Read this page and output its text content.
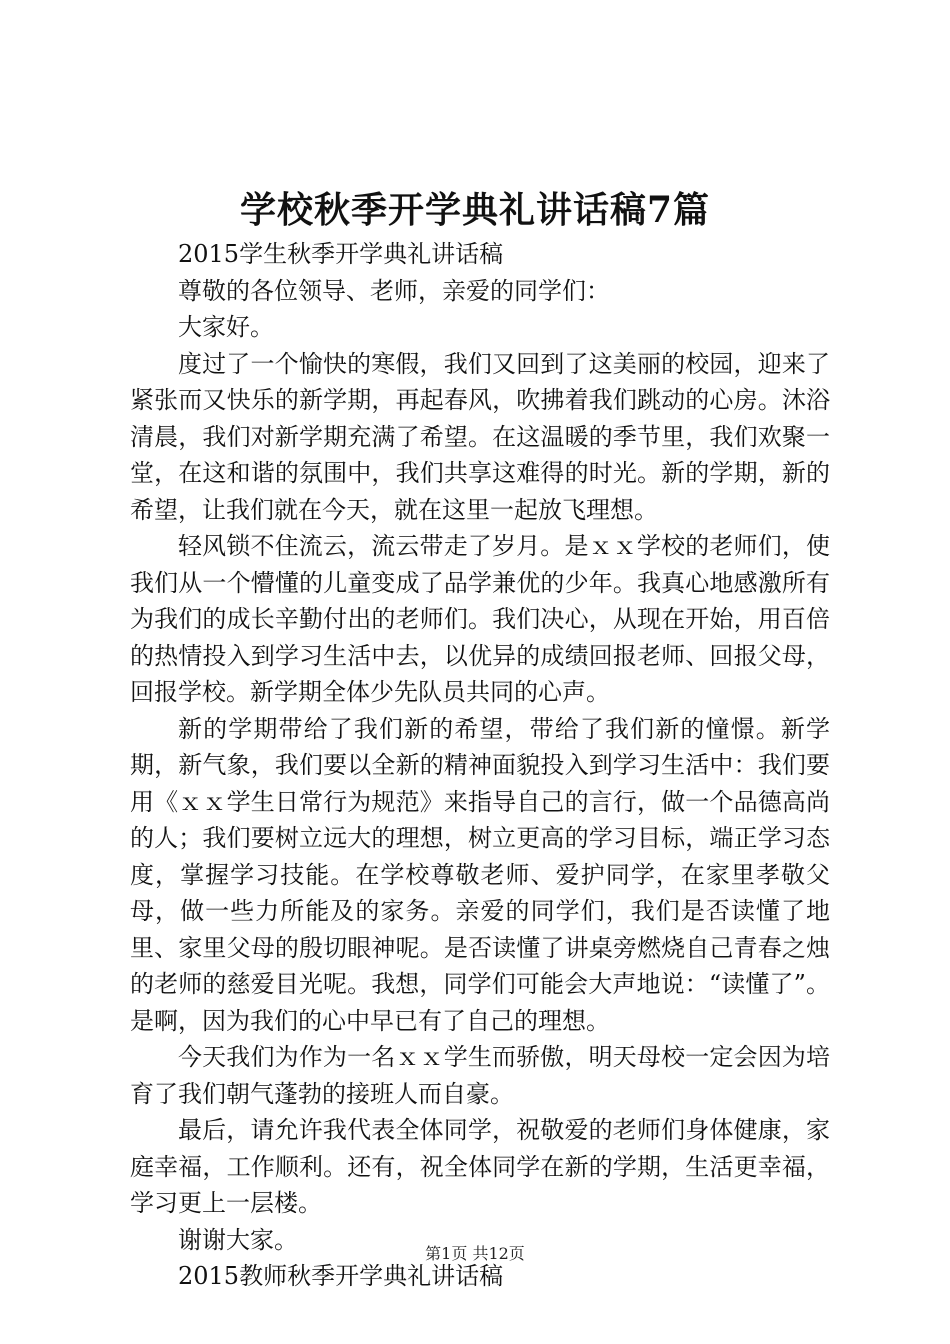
学校秋季开学典礼讲话稿7篇

2015学生秋季开学典礼讲话稿

尊敬的各位领导、老师，亲爱的同学们：

大家好。

度过了一个愉快的寒假，我们又回到了这美丽的校园，迎来了紧张而又快乐的新学期，再起春风，吹拂着我们跳动的心房。沐浴清晨，我们对新学期充满了希望。在这温暖的季节里，我们欢聚一堂，在这和谐的氛围中，我们共享这难得的时光。新的学期，新的希望，让我们就在今天，就在这里一起放飞理想。

轻风锁不住流云，流云带走了岁月。是ｘｘ学校的老师们，使我们从一个懵懂的儿童变成了品学兼优的少年。我真心地感激所有为我们的成长辛勤付出的老师们。我们决心，从现在开始，用百倍的热情投入到学习生活中去，以优异的成绩回报老师、回报父母，回报学校。新学期全体少先队员共同的心声。

新的学期带给了我们新的希望，带给了我们新的憧憬。新学期，新气象，我们要以全新的精神面貌投入到学习生活中：我们要用《ｘｘ学生日常行为规范》来指导自己的言行，做一个品德高尚的人；我们要树立远大的理想，树立更高的学习目标，端正学习态度，掌握学习技能。在学校尊敬老师、爱护同学，在家里孝敬父母，做一些力所能及的家务。亲爱的同学们，我们是否读懂了地里、家里父母的殷切眼神呢。是否读懂了讲桌旁燃烧自己青春之烛的老师的慈爱目光呢。我想，同学们可能会大声地说：“读懂了”。是啊，因为我们的心中早已有了自己的理想。

今天我们为作为一名ｘｘ学生而骄傲，明天母校一定会因为培育了我们朝气蓬勃的接班人而自豪。

最后，请允许我代表全体同学，祝敬爱的老师们身体健康，家庭幸福，工作顺利。还有，祝全体同学在新的学期，生活更幸福，学习更上一层楼。

谢谢大家。

2015教师秋季开学典礼讲话稿

第1页 共12页
